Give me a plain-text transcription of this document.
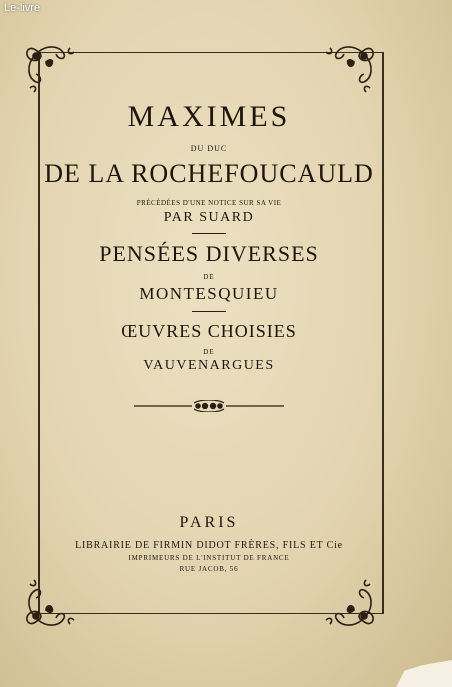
Le-livre
MAXIMES
DU DUC
DE LA ROCHEFOUCAULD
PRÉCÉDÉES D'UNE NOTICE SUR SA VIE
PAR SUARD
PENSÉES DIVERSES
DE
MONTESQUIEU
ŒUVRES CHOISIES
DE
VAUVENARGUES
PARIS
LIBRAIRIE DE FIRMIN DIDOT FRÈRES, FILS ET Cie
IMPRIMEURS DE L'INSTITUT DE FRANCE
RUE JACOB, 56
